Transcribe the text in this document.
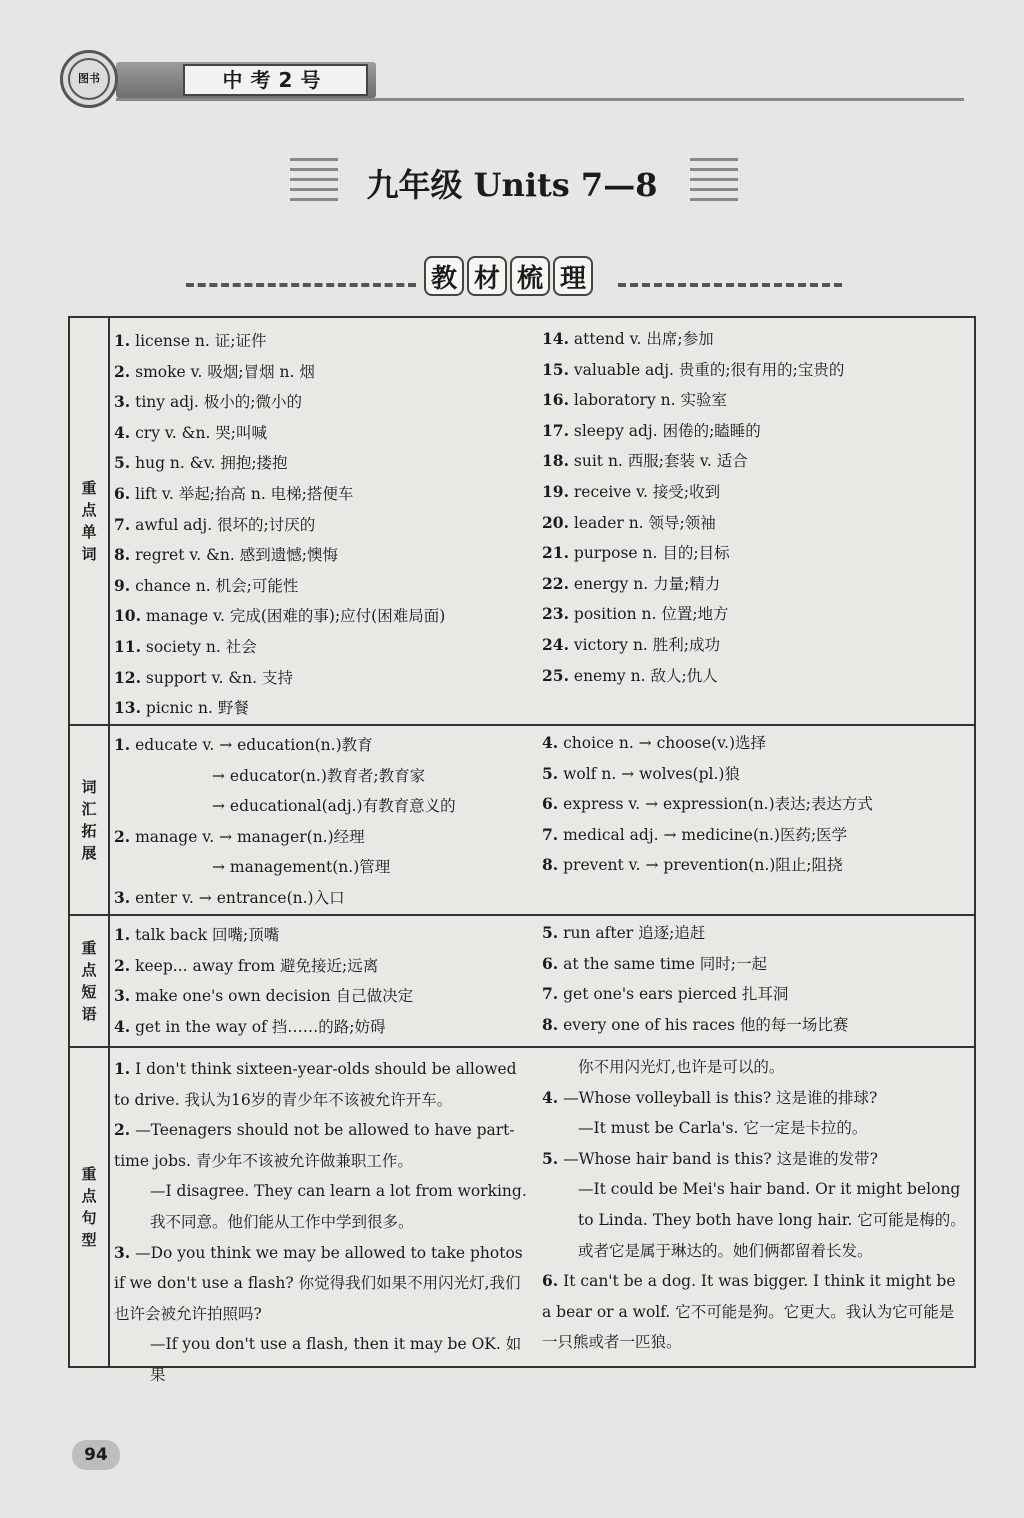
图书	中考2号
九年级 Units 7—8
教 材 梳 理
重点单词
1. license n. 证;证件
2. smoke v. 吸烟;冒烟 n. 烟
3. tiny adj. 极小的;微小的
4. cry v. &n. 哭;叫喊
5. hug n. &v. 拥抱;搂抱
6. lift v. 举起;抬高 n. 电梯;搭便车
7. awful adj. 很坏的;讨厌的
8. regret v. &n. 感到遗憾;懊悔
9. chance n. 机会;可能性
10. manage v. 完成(困难的事);应付(困难局面)
11. society n. 社会
12. support v. &n. 支持
13. picnic n. 野餐
14. attend v. 出席;参加
15. valuable adj. 贵重的;很有用的;宝贵的
16. laboratory n. 实验室
17. sleepy adj. 困倦的;瞌睡的
18. suit n. 西服;套装 v. 适合
19. receive v. 接受;收到
20. leader n. 领导;领袖
21. purpose n. 目的;目标
22. energy n. 力量;精力
23. position n. 位置;地方
24. victory n. 胜利;成功
25. enemy n. 敌人;仇人
词汇拓展
1. educate v. → education(n.)教育
→ educator(n.)教育者;教育家
→ educational(adj.)有教育意义的
2. manage v. → manager(n.)经理
→ management(n.)管理
3. enter v. → entrance(n.)入口
4. choice n. → choose(v.)选择
5. wolf n. → wolves(pl.)狼
6. express v. → expression(n.)表达;表达方式
7. medical adj. → medicine(n.)医药;医学
8. prevent v. → prevention(n.)阻止;阻挠
重点短语
1. talk back 回嘴;顶嘴
2. keep... away from 避免接近;远离
3. make one's own decision 自己做决定
4. get in the way of 挡……的路;妨碍
5. run after 追逐;追赶
6. at the same time 同时;一起
7. get one's ears pierced 扎耳洞
8. every one of his races 他的每一场比赛
重点句型
1. I don't think sixteen-year-olds should be allowed to drive. 我认为16岁的青少年不该被允许开车。
2. —Teenagers should not be allowed to have part-time jobs. 青少年不该被允许做兼职工作。
—I disagree. They can learn a lot from working. 我不同意。他们能从工作中学到很多。
3. —Do you think we may be allowed to take photos if we don't use a flash? 你觉得我们如果不用闪光灯,我们也许会被允许拍照吗?
—If you don't use a flash, then it may be OK. 如果
你不用闪光灯,也许是可以的。
4. —Whose volleyball is this? 这是谁的排球?
—It must be Carla's. 它一定是卡拉的。
5. —Whose hair band is this? 这是谁的发带?
—It could be Mei's hair band. Or it might belong to Linda. They both have long hair. 它可能是梅的。或者它是属于琳达的。她们俩都留着长发。
6. It can't be a dog. It was bigger. I think it might be a bear or a wolf. 它不可能是狗。它更大。我认为它可能是一只熊或者一匹狼。
94
